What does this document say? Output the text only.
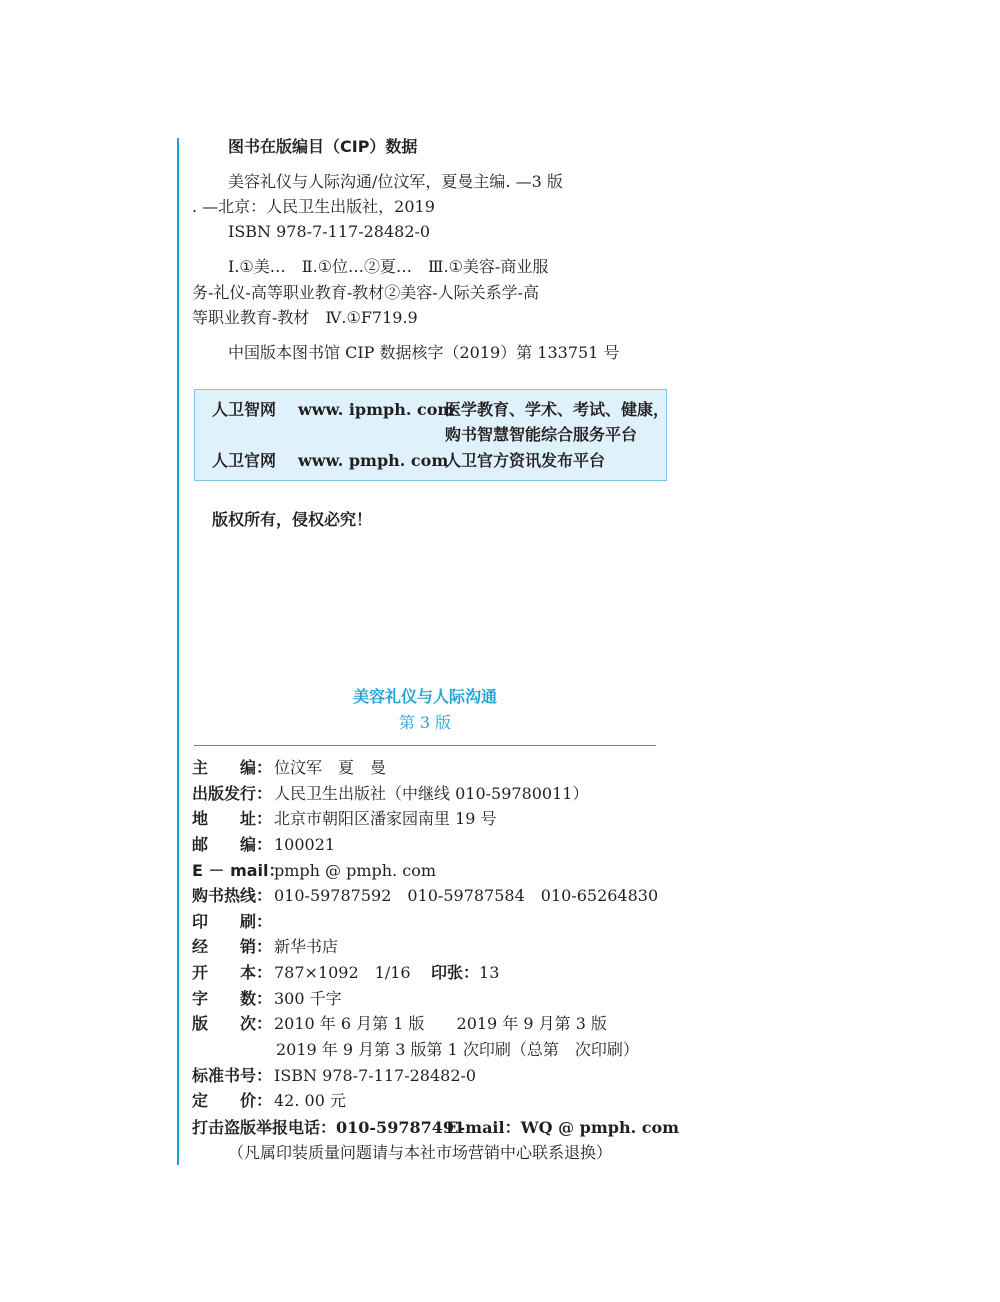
图书在版编目（CIP）数据
美容礼仪与人际沟通/位汶军，夏曼主编. —3 版
. —北京：人民卫生出版社，2019
ISBN 978-7-117-28482-0
Ⅰ.①美…　Ⅱ.①位…②夏…　Ⅲ.①美容-商业服
务-礼仪-高等职业教育-教材②美容-人际关系学-高
等职业教育-教材　Ⅳ.①F719.9
中国版本图书馆 CIP 数据核字（2019）第 133751 号
人卫智网 www. ipmph. com
医学教育、学术、考试、健康，
购书智慧智能综合服务平台
人卫官网 www. pmph. com
人卫官方资讯发布平台
版权所有，侵权必究！
美容礼仪与人际沟通
第 3 版
主　　编： 位汶军　夏　曼
出版发行： 人民卫生出版社（中继线 010-59780011）
地　　址： 北京市朝阳区潘家园南里 19 号
邮　　编： 100021
E － mail：pmph @ pmph. com
购书热线： 010-59787592　010-59787584　010-65264830
印　　刷：
经　　销： 新华书店
开　　本： 787×1092　1/16 印张：13
字　　数： 300 千字
版　　次： 2010 年 6 月第 1 版　　2019 年 9 月第 3 版
2019 年 9 月第 3 版第 1 次印刷（总第　次印刷）
标准书号： ISBN 978-7-117-28482-0
定　　价： 42. 00 元
打击盗版举报电话：010-59787491
E-mail：WQ @ pmph. com
（凡属印装质量问题请与本社市场营销中心联系退换）
